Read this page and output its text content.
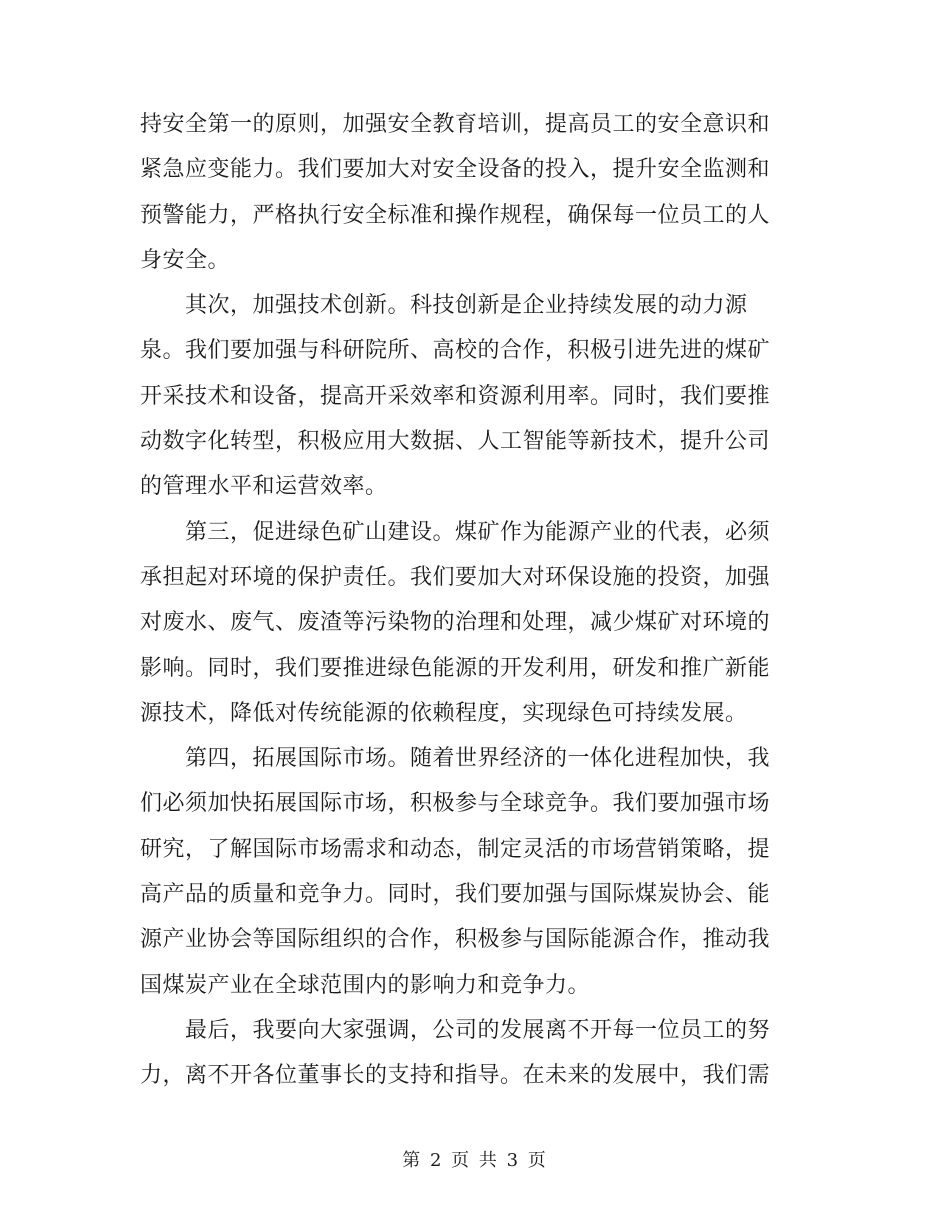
持安全第一的原则，加强安全教育培训，提高员工的安全意识和
紧急应变能力。我们要加大对安全设备的投入，提升安全监测和
预警能力，严格执行安全标准和操作规程，确保每一位员工的人
身安全。
　　其次，加强技术创新。科技创新是企业持续发展的动力源
泉。我们要加强与科研院所、高校的合作，积极引进先进的煤矿
开采技术和设备，提高开采效率和资源利用率。同时，我们要推
动数字化转型，积极应用大数据、人工智能等新技术，提升公司
的管理水平和运营效率。
　　第三，促进绿色矿山建设。煤矿作为能源产业的代表，必须
承担起对环境的保护责任。我们要加大对环保设施的投资，加强
对废水、废气、废渣等污染物的治理和处理，减少煤矿对环境的
影响。同时，我们要推进绿色能源的开发利用，研发和推广新能
源技术，降低对传统能源的依赖程度，实现绿色可持续发展。
　　第四，拓展国际市场。随着世界经济的一体化进程加快，我
们必须加快拓展国际市场，积极参与全球竞争。我们要加强市场
研究，了解国际市场需求和动态，制定灵活的市场营销策略，提
高产品的质量和竞争力。同时，我们要加强与国际煤炭协会、能
源产业协会等国际组织的合作，积极参与国际能源合作，推动我
国煤炭产业在全球范围内的影响力和竞争力。
　　最后，我要向大家强调，公司的发展离不开每一位员工的努
力，离不开各位董事长的支持和指导。在未来的发展中，我们需
第 2 页 共 3 页
